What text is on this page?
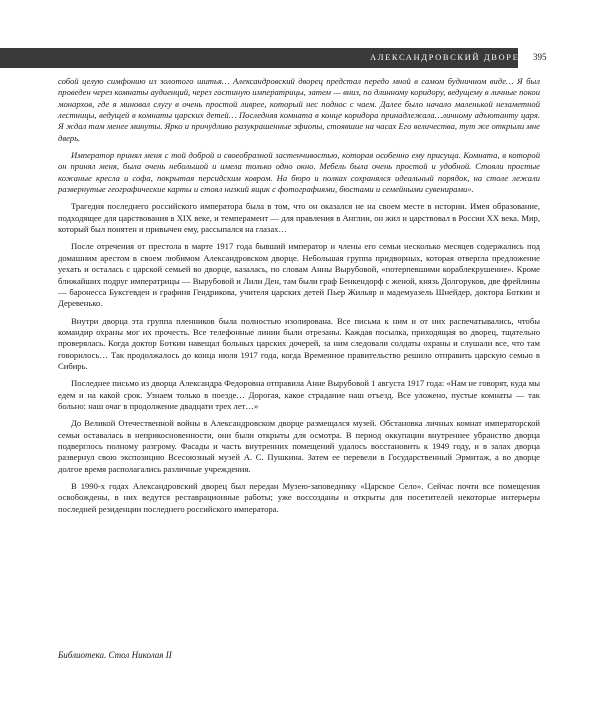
АЛЕКСАНДРОВСКИЙ ДВОРЕЦ 395

собой целую симфонию из золотого шитья… Александровский дворец предстал передо мной в самом будничном виде… Я был проведен через комнаты аудиенций, через гостиную императрицы, затем — вниз, по длинному коридору, ведущему в личные покои монархов, где я миновал слугу в очень простой ливрее, который нес поднос с чаем. Далее было начало маленькой незаметной лестницы, ведущей в комнаты царских детей… Последняя комната в конце коридора принадлежала…личному адъютанту царя. Я ждал там менее минуты. Ярко и причудливо разукрашенные эфиопы, стоявшие на часах Его величества, тут же открыли мне дверь.

Император принял меня с той доброй и своеобразной застенчивостью, которая особенно ему присуща. Комната, в которой он принял меня, была очень небольшой и имела только одно окно. Мебель была очень простой и удобной. Стояли простые кожаные кресла и софа, покрытая персидским ковром. На бюро и полках сохранялся идеальный порядок, на столе лежали развернутые географические карты и стоял низкий ящик с фотографиями, бюстами и семейными сувенирами».

Трагедия последнего российского императора была в том, что он оказался не на своем месте в истории. Имея образование, подходящее для царствования в XIX веке, и темперамент — для правления в Англии, он жил и царствовал в России XX века. Мир, который был понятен и привычен ему, рассыпался на глазах…

После отречения от престола в марте 1917 года бывший император и члены его семьи несколько месяцев содержались под домашним арестом в своем любимом Александровском дворце. Небольшая группа придворных, которая отвергла предложение уехать и осталась с царской семьей во дворце, казалась, по словам Анны Вырубовой, «потерпевшими кораблекрушение». Кроме ближайших подруг императрицы — Вырубовой и Лили Ден, там были граф Бенкендорф с женой, князь Долгоруков, две фрейлины — баронесса Буксгевден и графиня Гендрикова, учителя царских детей Пьер Жильяр и мадемуазель Шнейдер, доктора Боткин и Деревенько.

Внутри дворца эта группа пленников была полностью изолирована. Все письма к ним и от них распечатывались, чтобы командир охраны мог их прочесть. Все телефонные линии были отрезаны. Каждая посылка, приходящая во дворец, тщательно проверялась. Когда доктор Боткин навещал больных царских дочерей, за ним следовали солдаты охраны и слушали все, что там говорилось… Так продолжалось до конца июля 1917 года, когда Временное правительство решило отправить царскую семью в Сибирь.

Последнее письмо из дворца Александра Федоровна отправила Анне Вырубовой 1 августа 1917 года: «Нам не говорят, куда мы едем и на какой срок. Узнаем только в поезде… Дорогая, какое страдание наш отъезд. Все уложено, пустые комнаты — так больно: наш очаг в продолжение двадцати трех лет…»

До Великой Отечественной войны в Александровском дворце размещался музей. Обстановка личных комнат императорской семьи оставалась в неприкосновенности, они были открыты для осмотра. В период оккупации внутреннее убранство дворца подверглось полному разгрому. Фасады и часть внутренних помещений удалось восстановить к 1949 году, и в залах дворца развернул свою экспозицию Всесоюзный музей А. С. Пушкина. Затем ее перевели в Государственный Эрмитаж, а во дворце долгое время располагались различные учреждения.

В 1990-х годах Александровский дворец был передан Музею-заповеднику «Царское Село». Сейчас почти все помещения освобождены, в них ведутся реставрационные работы; уже воссозданы и открыты для посетителей некоторые интерьеры последней резиденции последнего российского императора.

Библиотека. Стол Николая II
